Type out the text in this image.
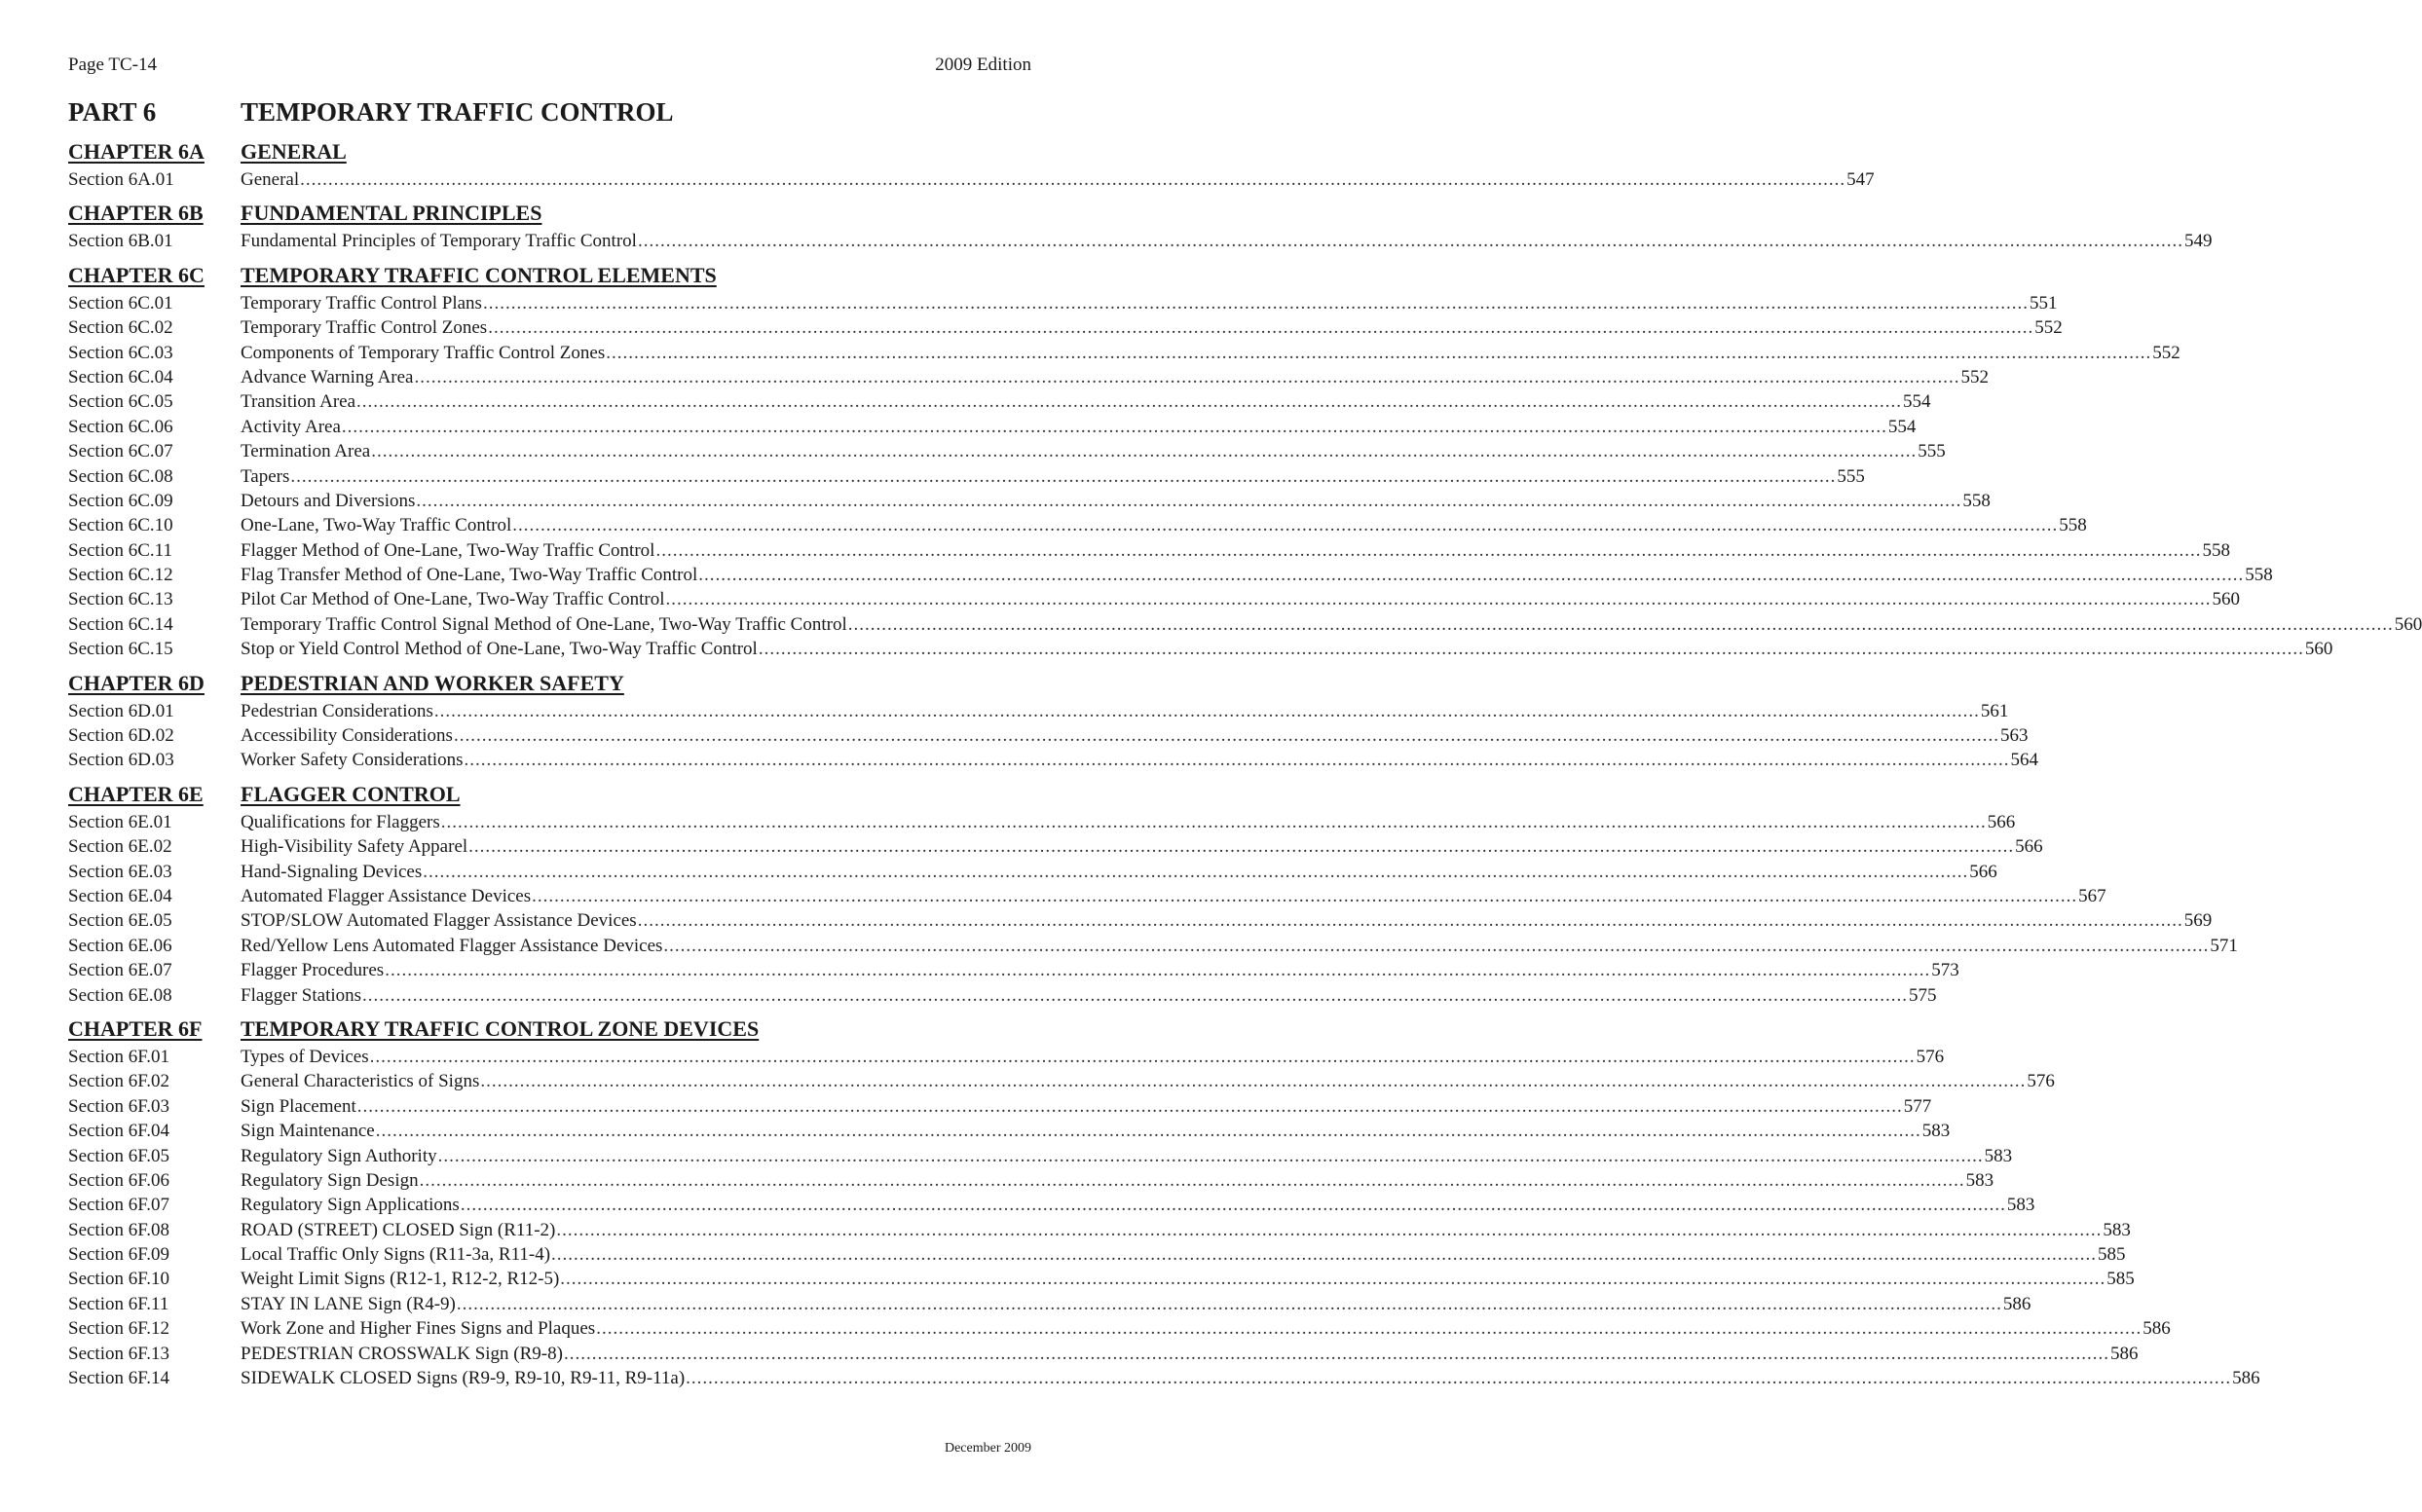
Page TC-14	2009 Edition
PART 6	TEMPORARY TRAFFIC CONTROL
CHAPTER 6A GENERAL
Section 6A.01	General .................................................................................................................................................................................................................................................................................... 547
CHAPTER 6B FUNDAMENTAL PRINCIPLES
Section 6B.01	Fundamental Principles of Temporary Traffic Control .................................................................................................................................................................................................................................................................................... 549
CHAPTER 6C TEMPORARY TRAFFIC CONTROL ELEMENTS
Section 6C.01	Temporary Traffic Control Plans .................................................................................................................................................................................................................................................................................... 551
Section 6C.02	Temporary Traffic Control Zones .................................................................................................................................................................................................................................................................................... 552
Section 6C.03	Components of Temporary Traffic Control Zones .................................................................................................................................................................................................................................................................................... 552
Section 6C.04	Advance Warning Area .................................................................................................................................................................................................................................................................................... 552
Section 6C.05	Transition Area .................................................................................................................................................................................................................................................................................... 554
Section 6C.06	Activity Area .................................................................................................................................................................................................................................................................................... 554
Section 6C.07	Termination Area .................................................................................................................................................................................................................................................................................... 555
Section 6C.08	Tapers .................................................................................................................................................................................................................................................................................... 555
Section 6C.09	Detours and Diversions .................................................................................................................................................................................................................................................................................... 558
Section 6C.10	One-Lane, Two-Way Traffic Control .................................................................................................................................................................................................................................................................................... 558
Section 6C.11	Flagger Method of One-Lane, Two-Way Traffic Control .................................................................................................................................................................................................................................................................................... 558
Section 6C.12	Flag Transfer Method of One-Lane, Two-Way Traffic Control .................................................................................................................................................................................................................................................................................... 558
Section 6C.13	Pilot Car Method of One-Lane, Two-Way Traffic Control .................................................................................................................................................................................................................................................................................... 560
Section 6C.14	Temporary Traffic Control Signal Method of One-Lane, Two-Way Traffic Control .................................................................................................................................................................................................................................................................................... 560
Section 6C.15	Stop or Yield Control Method of One-Lane, Two-Way Traffic Control .................................................................................................................................................................................................................................................................................... 560
CHAPTER 6D PEDESTRIAN AND WORKER SAFETY
Section 6D.01	Pedestrian Considerations .................................................................................................................................................................................................................................................................................... 561
Section 6D.02	Accessibility Considerations .................................................................................................................................................................................................................................................................................... 563
Section 6D.03	Worker Safety Considerations .................................................................................................................................................................................................................................................................................... 564
CHAPTER 6E FLAGGER CONTROL
Section 6E.01	Qualifications for Flaggers .................................................................................................................................................................................................................................................................................... 566
Section 6E.02	High-Visibility Safety Apparel .................................................................................................................................................................................................................................................................................... 566
Section 6E.03	Hand-Signaling Devices .................................................................................................................................................................................................................................................................................... 566
Section 6E.04	Automated Flagger Assistance Devices .................................................................................................................................................................................................................................................................................... 567
Section 6E.05	STOP/SLOW Automated Flagger Assistance Devices .................................................................................................................................................................................................................................................................................... 569
Section 6E.06	Red/Yellow Lens Automated Flagger Assistance Devices .................................................................................................................................................................................................................................................................................... 571
Section 6E.07	Flagger Procedures .................................................................................................................................................................................................................................................................................... 573
Section 6E.08	Flagger Stations .................................................................................................................................................................................................................................................................................... 575
CHAPTER 6F TEMPORARY TRAFFIC CONTROL ZONE DEVICES
Section 6F.01	Types of Devices .................................................................................................................................................................................................................................................................................... 576
Section 6F.02	General Characteristics of Signs .................................................................................................................................................................................................................................................................................... 576
Section 6F.03	Sign Placement .................................................................................................................................................................................................................................................................................... 577
Section 6F.04	Sign Maintenance .................................................................................................................................................................................................................................................................................... 583
Section 6F.05	Regulatory Sign Authority .................................................................................................................................................................................................................................................................................... 583
Section 6F.06	Regulatory Sign Design .................................................................................................................................................................................................................................................................................... 583
Section 6F.07	Regulatory Sign Applications .................................................................................................................................................................................................................................................................................... 583
Section 6F.08	ROAD (STREET) CLOSED Sign (R11-2) .................................................................................................................................................................................................................................................................................... 583
Section 6F.09	Local Traffic Only Signs (R11-3a, R11-4) .................................................................................................................................................................................................................................................................................... 585
Section 6F.10	Weight Limit Signs (R12-1, R12-2, R12-5) .................................................................................................................................................................................................................................................................................... 585
Section 6F.11	STAY IN LANE Sign (R4-9) .................................................................................................................................................................................................................................................................................... 586
Section 6F.12	Work Zone and Higher Fines Signs and Plaques .................................................................................................................................................................................................................................................................................... 586
Section 6F.13	PEDESTRIAN CROSSWALK Sign (R9-8) .................................................................................................................................................................................................................................................................................... 586
Section 6F.14	SIDEWALK CLOSED Signs (R9-9, R9-10, R9-11, R9-11a) .................................................................................................................................................................................................................................................................................... 586
December 2009
